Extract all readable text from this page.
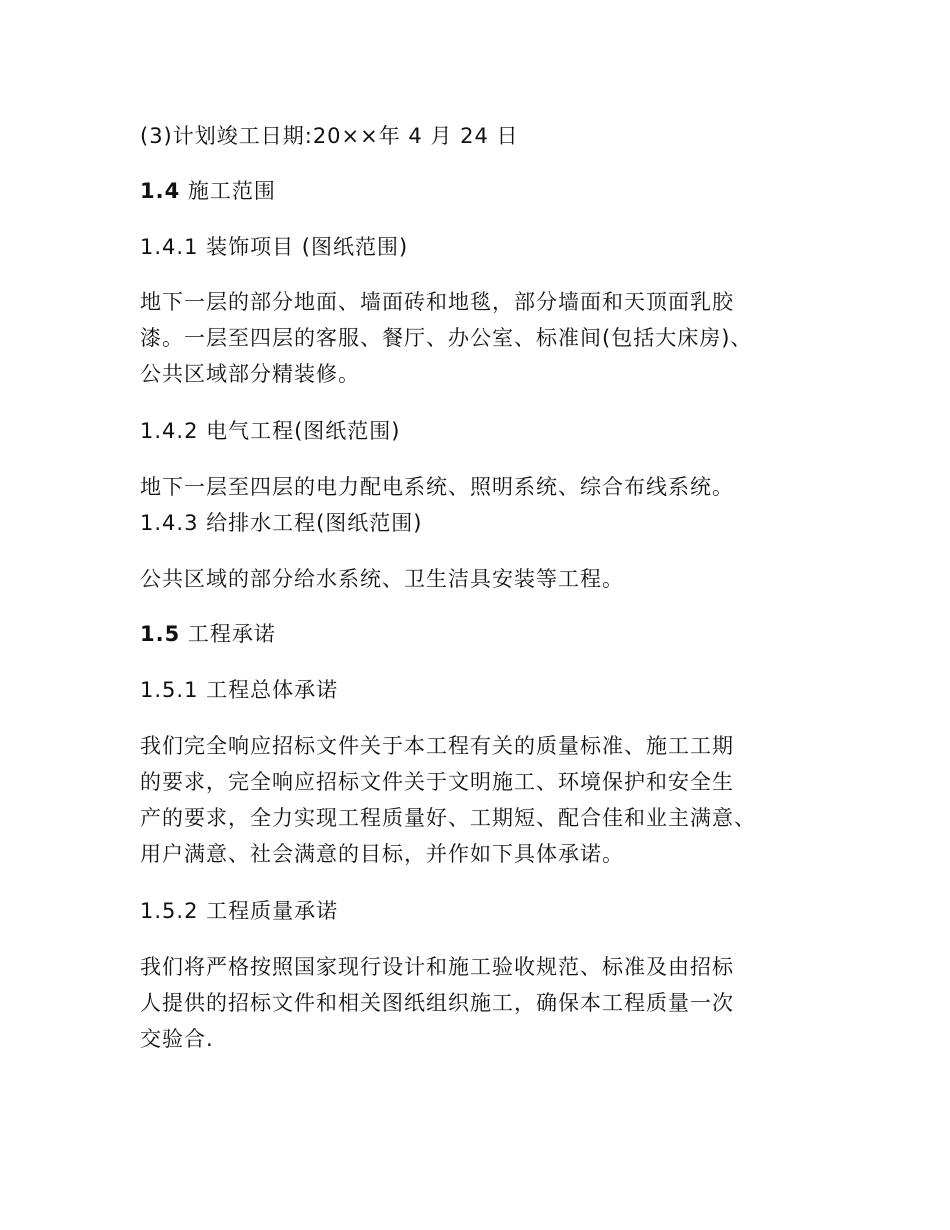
(3)计划竣工日期:20××年 4 月 24 日

1.4 施工范围

1.4.1 装饰项目 (图纸范围)

地下一层的部分地面、墙面砖和地毯，部分墙面和天顶面乳胶

漆。一层至四层的客服、餐厅、办公室、标准间(包括大床房)、

公共区域部分精装修。

1.4.2 电气工程(图纸范围)

地下一层至四层的电力配电系统、照明系统、综合布线系统。

1.4.3 给排水工程(图纸范围)

公共区域的部分给水系统、卫生洁具安装等工程。

1.5 工程承诺

1.5.1 工程总体承诺

我们完全响应招标文件关于本工程有关的质量标准、施工工期

的要求，完全响应招标文件关于文明施工、环境保护和安全生

产的要求，全力实现工程质量好、工期短、配合佳和业主满意、

用户满意、社会满意的目标，并作如下具体承诺。

1.5.2 工程质量承诺

我们将严格按照国家现行设计和施工验收规范、标准及由招标

人提供的招标文件和相关图纸组织施工，确保本工程质量一次

交验合.
